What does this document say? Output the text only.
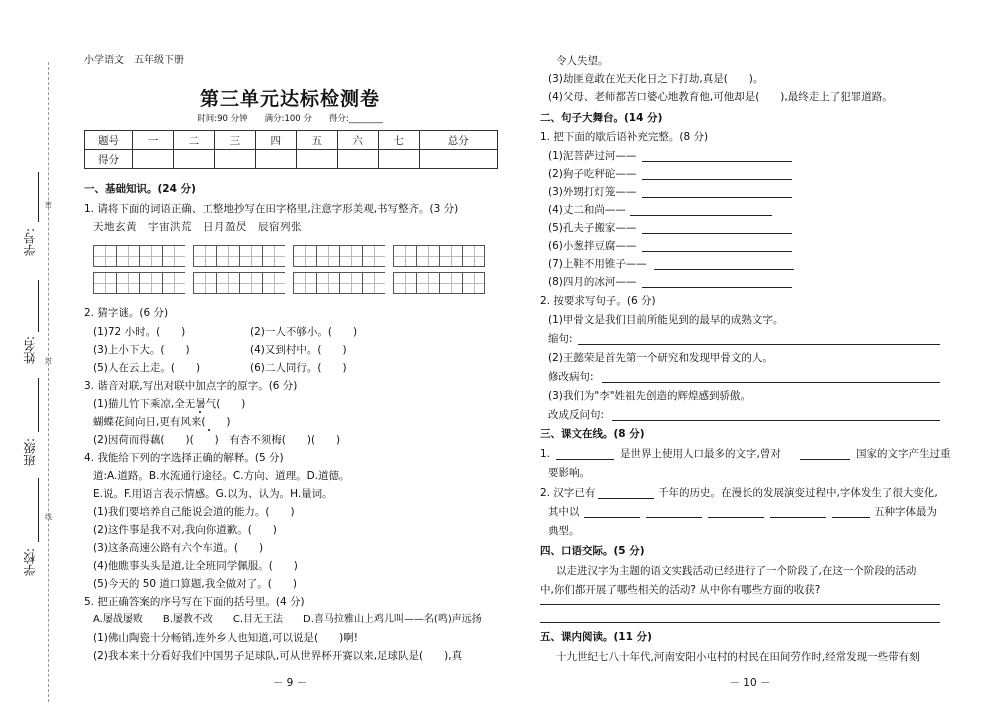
学号:
姓名:
班级:
学校:
密
封
线
小学语文　五年级下册
第三单元达标检测卷
时间:90 分钟　　满分:100 分　　得分:________
题号	一	二	三	四	五	六	七	总分
得分								
一、基础知识。(24 分)
1. 请将下面的词语正确、工整地抄写在田字格里,注意字形美观,书写整齐。(3 分)
天地玄黄　宇宙洪荒　日月盈昃　辰宿列张
2. 猜字谜。(6 分)
(1)72 小时。(　　)	(2)一人不够小。(　　)
(3)上小下大。(　　)	(4)又到村中。(　　)
(5)人在云上走。(　　)	(6)二人同行。(　　)
3. 谐音对联,写出对联中加点字的原字。(6 分)
(1)猫儿竹下乘凉,全无暑气(　　)
蝴蝶花间向日,更有风来(　　)
(2)因荷而得藕(　　)(　　)　有杏不须梅(　　)(　　)
4. 我能给下列的字选择正确的解释。(5 分)
道:A.道路。B.水流通行途径。C.方向、道理。D.道德。
E.说。F.用语言表示情感。G.以为、认为。H.量词。
(1)我们要培养自己能说会道的能力。(　　)
(2)这件事是我不对,我向你道歉。(　　)
(3)这条高速公路有六个车道。(　　)
(4)他瞧事头头是道,让全班同学佩服。(　　)
(5)今天的 50 道口算题,我全做对了。(　　)
5. 把正确答案的序号写在下面的括号里。(4 分)
A.屡战屡败　　B.屡教不改　　C.目无王法　　D.喜马拉雅山上鸡儿叫——名(鸣)声远扬
(1)佛山陶瓷十分畅销,连外乡人也知道,可以说是(　　)啊!
(2)我本来十分看好我们中国男子足球队,可从世界杯开赛以来,足球队是(　　),真
－ 9 －
令人失望。
(3)劫匪竟敢在光天化日之下打劫,真是(　　)。
(4)父母、老师都苦口婆心地教育他,可他却是(　　),最终走上了犯罪道路。
二、句子大舞台。(14 分)
1. 把下面的歇后语补充完整。(8 分)
(1)泥菩萨过河——
(2)狗子吃秤砣——
(3)外甥打灯笼——
(4)丈二和尚——
(5)孔夫子搬家——
(6)小葱拌豆腐——
(7)上鞋不用锥子——
(8)四月的冰河——
2. 按要求写句子。(6 分)
(1)甲骨文是我们目前所能见到的最早的成熟文字。
缩句:
(2)王懿荣是首先第一个研究和发现甲骨文的人。
修改病句:
(3)我们为"李"姓祖先创造的辉煌感到骄傲。
改成反问句:
三、课文在线。(8 分)
1.	是世界上使用人口最多的文字,曾对	国家的文字产生过重
要影响。
2. 汉字已有	千年的历史。在漫长的发展演变过程中,字体发生了很大变化,
其中以	五种字体最为
典型。
四、口语交际。(5 分)
以走进汉字为主题的语文实践活动已经进行了一个阶段了,在这一个阶段的活动
中,你们都开展了哪些相关的活动? 从中你有哪些方面的收获?
五、课内阅读。(11 分)
十九世纪七八十年代,河南安阳小屯村的村民在田间劳作时,经常发现一些带有刻
－ 10 －
